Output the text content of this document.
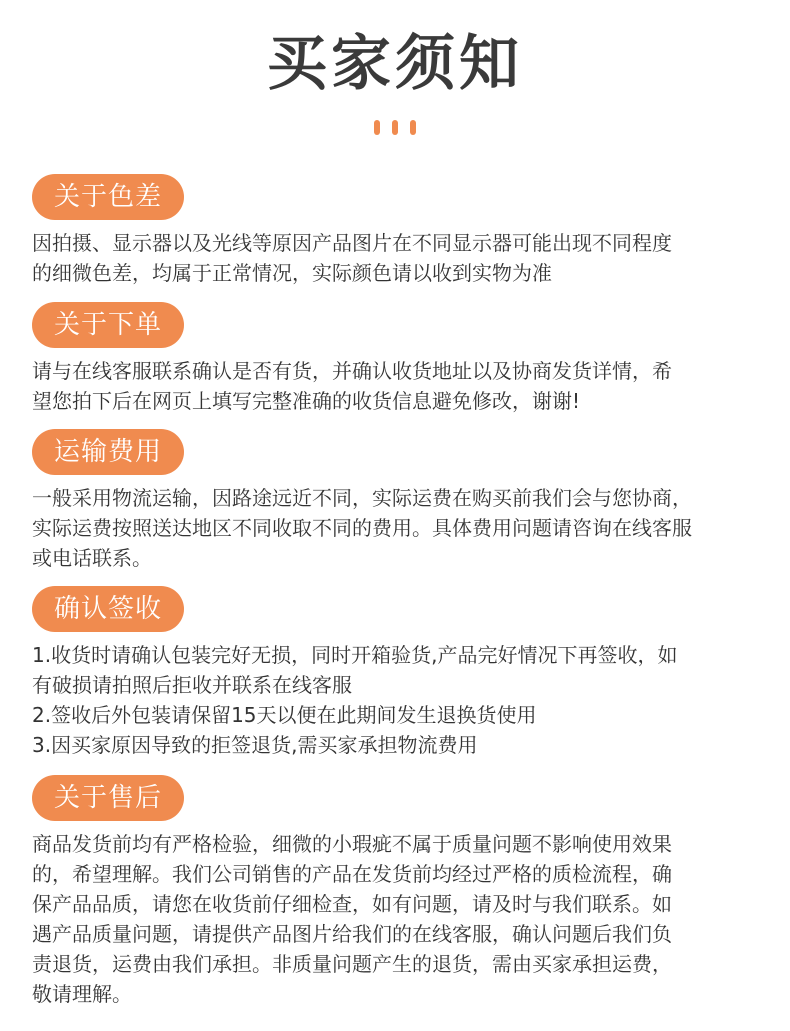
买家须知
关于色差
因拍摄、显示器以及光线等原因产品图片在不同显示器可能出现不同程度
的细微色差，均属于正常情况，实际颜色请以收到实物为准
关于下单
请与在线客服联系确认是否有货，并确认收货地址以及协商发货详情，希
望您拍下后在网页上填写完整准确的收货信息避免修改，谢谢!
运输费用
一般采用物流运输，因路途远近不同，实际运费在购买前我们会与您协商，
实际运费按照送达地区不同收取不同的费用。具体费用问题请咨询在线客服
或电话联系。
确认签收
1.收货时请确认包装完好无损，同时开箱验货,产品完好情况下再签收，如
有破损请拍照后拒收并联系在线客服
2.签收后外包装请保留15天以便在此期间发生退换货使用
3.因买家原因导致的拒签退货,需买家承担物流费用
关于售后
商品发货前均有严格检验，细微的小瑕疵不属于质量问题不影响使用效果
的，希望理解。我们公司销售的产品在发货前均经过严格的质检流程，确
保产品品质，请您在收货前仔细检查，如有问题，请及时与我们联系。如
遇产品质量问题，请提供产品图片给我们的在线客服，确认问题后我们负
责退货，运费由我们承担。非质量问题产生的退货，需由买家承担运费，
敬请理解。
